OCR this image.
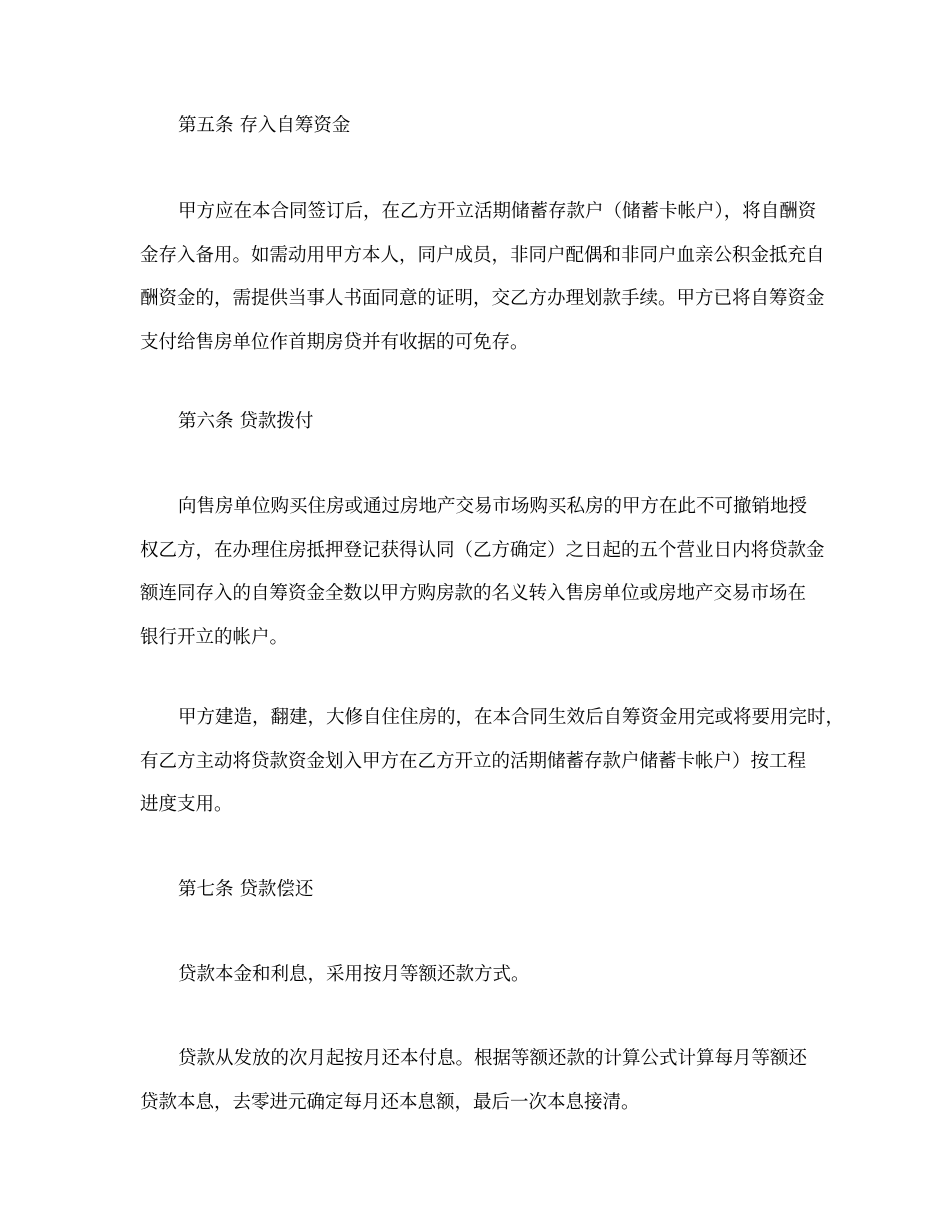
第五条 存入自筹资金
甲方应在本合同签订后，在乙方开立活期储蓄存款户（储蓄卡帐户），将自酬资
金存入备用。如需动用甲方本人，同户成员，非同户配偶和非同户血亲公积金抵充自
酬资金的，需提供当事人书面同意的证明，交乙方办理划款手续。甲方已将自筹资金
支付给售房单位作首期房贷并有收据的可免存。
第六条 贷款拨付
向售房单位购买住房或通过房地产交易市场购买私房的甲方在此不可撤销地授
权乙方，在办理住房抵押登记获得认同（乙方确定）之日起的五个营业日内将贷款金
额连同存入的自筹资金全数以甲方购房款的名义转入售房单位或房地产交易市场在
银行开立的帐户。
甲方建造，翻建，大修自住住房的，在本合同生效后自筹资金用完或将要用完时，
有乙方主动将贷款资金划入甲方在乙方开立的活期储蓄存款户储蓄卡帐户）按工程
进度支用。
第七条 贷款偿还
贷款本金和利息，采用按月等额还款方式。
贷款从发放的次月起按月还本付息。根据等额还款的计算公式计算每月等额还
贷款本息，去零进元确定每月还本息额，最后一次本息接清。
